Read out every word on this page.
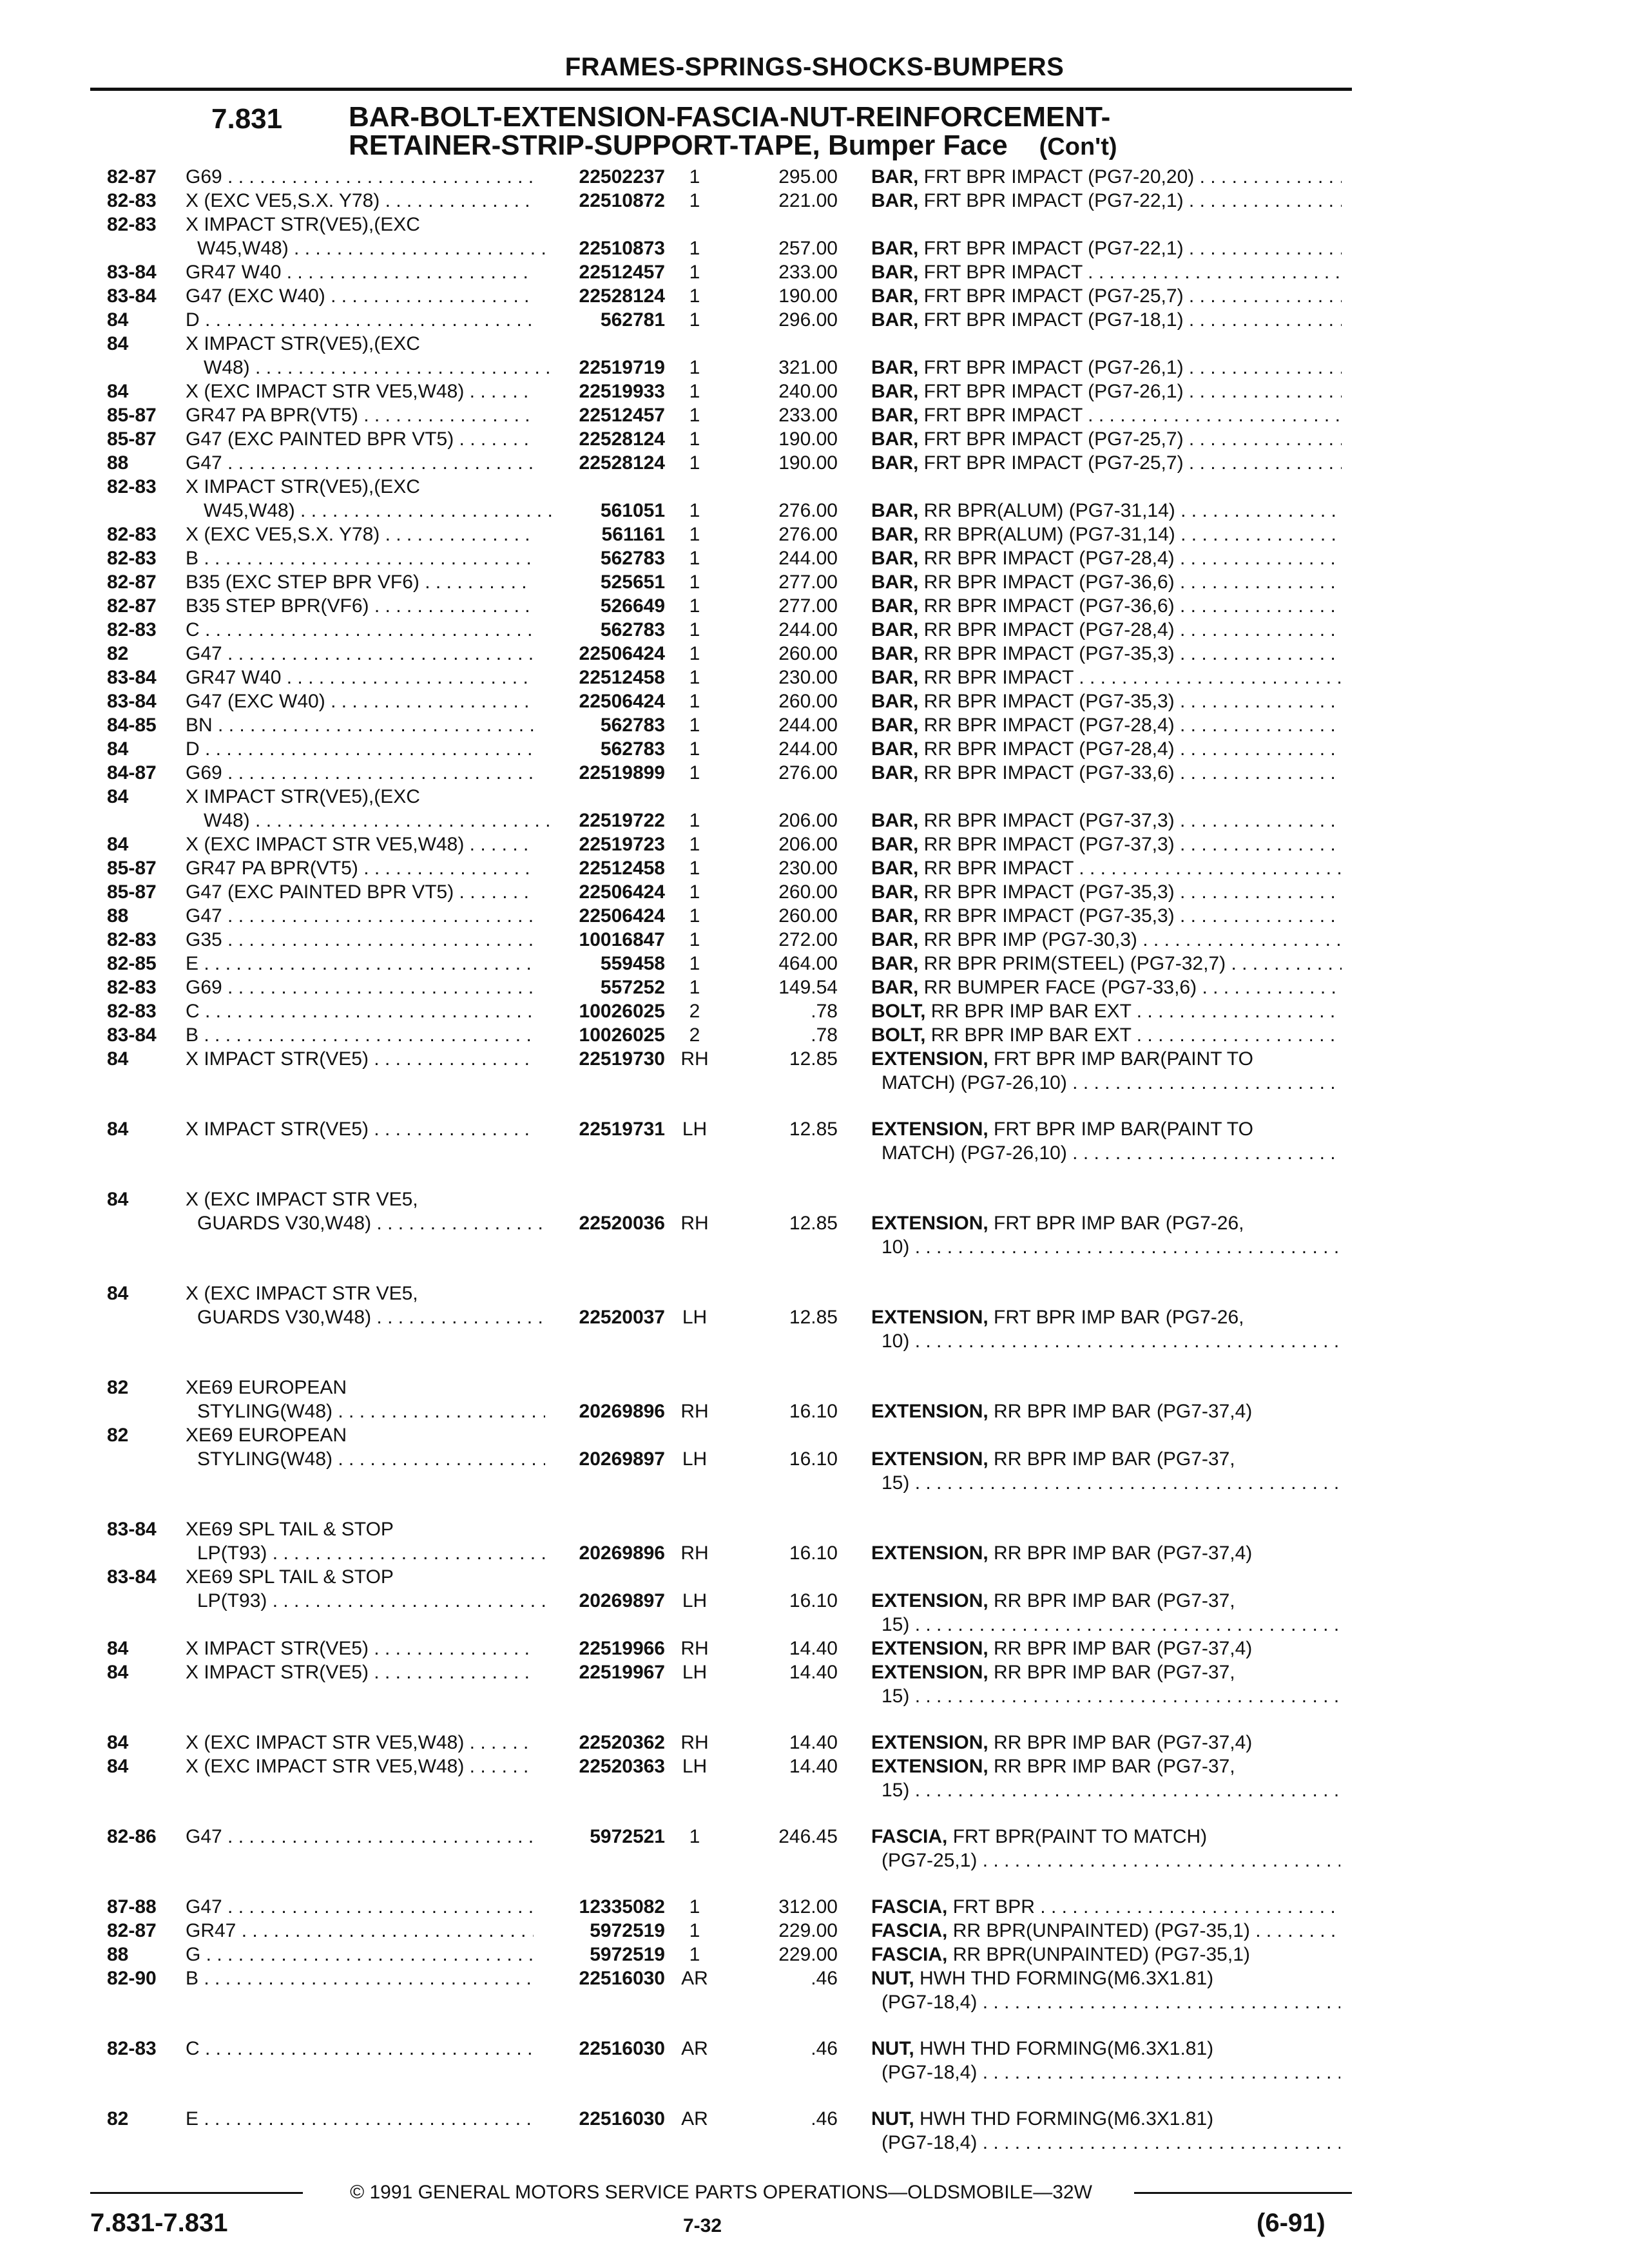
FRAMES-SPRINGS-SHOCKS-BUMPERS
7.831 BAR-BOLT-EXTENSION-FASCIA-NUT-REINFORCEMENT-
RETAINER-STRIP-SUPPORT-TAPE, Bumper Face (Con't)
82-87 G69 . . .	22502237	1	295.00 BAR, FRT BPR IMPACT (PG7-20,20) . . .
82-83 X (EXC VE5,S.X. Y78) . . .	22510872	1	221.00 BAR, FRT BPR IMPACT (PG7-22,1) . . .
82-83 X IMPACT STR(VE5),(EXC
W45,W48) . . .	22510873	1	257.00 BAR, FRT BPR IMPACT (PG7-22,1) . . .
83-84 GR47 W40 . . .	22512457	1	233.00 BAR, FRT BPR IMPACT . . .
83-84 G47 (EXC W40) . . .	22528124	1	190.00 BAR, FRT BPR IMPACT (PG7-25,7) . . .
84	D . . .	562781	1	296.00 BAR, FRT BPR IMPACT (PG7-18,1) . . .
84	X IMPACT STR(VE5),(EXC
W48) . . .	22519719	1	321.00 BAR, FRT BPR IMPACT (PG7-26,1) . . .
84	X (EXC IMPACT STR VE5,W48) . . .	22519933	1	240.00 BAR, FRT BPR IMPACT (PG7-26,1) . . .
85-87 GR47 PA BPR(VT5) . . .	22512457	1	233.00 BAR, FRT BPR IMPACT . . .
85-87 G47 (EXC PAINTED BPR VT5) . . .	22528124	1	190.00 BAR, FRT BPR IMPACT (PG7-25,7) . . .
88	G47 . . .	22528124	1	190.00 BAR, FRT BPR IMPACT (PG7-25,7) . . .
82-83 X IMPACT STR(VE5),(EXC
W45,W48) . . .	561051	1	276.00 BAR, RR BPR(ALUM) (PG7-31,14) . . .
82-83 X (EXC VE5,S.X. Y78) . . .	561161	1	276.00 BAR, RR BPR(ALUM) (PG7-31,14) . . .
82-83 B . . .	562783	1	244.00 BAR, RR BPR IMPACT (PG7-28,4) . . .
82-87 B35 (EXC STEP BPR VF6) . . .	525651	1	277.00 BAR, RR BPR IMPACT (PG7-36,6) . . .
82-87 B35 STEP BPR(VF6) . . .	526649	1	277.00 BAR, RR BPR IMPACT (PG7-36,6) . . .
82-83 C . . .	562783	1	244.00 BAR, RR BPR IMPACT (PG7-28,4) . . .
82	G47 . . .	22506424	1	260.00 BAR, RR BPR IMPACT (PG7-35,3) . . .
83-84 GR47 W40 . . .	22512458	1	230.00 BAR, RR BPR IMPACT . . .
83-84 G47 (EXC W40) . . .	22506424	1	260.00 BAR, RR BPR IMPACT (PG7-35,3) . . .
84-85 BN . . .	562783	1	244.00 BAR, RR BPR IMPACT (PG7-28,4) . . .
84	D . . .	562783	1	244.00 BAR, RR BPR IMPACT (PG7-28,4) . . .
84-87 G69 . . .	22519899	1	276.00 BAR, RR BPR IMPACT (PG7-33,6) . . .
84	X IMPACT STR(VE5),(EXC
W48) . . .	22519722	1	206.00 BAR, RR BPR IMPACT (PG7-37,3) . . .
84	X (EXC IMPACT STR VE5,W48) . . .	22519723	1	206.00 BAR, RR BPR IMPACT (PG7-37,3) . . .
85-87 GR47 PA BPR(VT5) . . .	22512458	1	230.00 BAR, RR BPR IMPACT . . .
85-87 G47 (EXC PAINTED BPR VT5) . . .	22506424	1	260.00 BAR, RR BPR IMPACT (PG7-35,3) . . .
88	G47 . . .	22506424	1	260.00 BAR, RR BPR IMPACT (PG7-35,3) . . .
82-83 G35 . . .	10016847	1	272.00 BAR, RR BPR IMP (PG7-30,3) . . .
82-85 E . . .	559458	1	464.00 BAR, RR BPR PRIM(STEEL) (PG7-32,7) . . .
82-83 G69 . . .	557252	1	149.54 BAR, RR BUMPER FACE (PG7-33,6) . . .
82-83 C . . .	10026025	2	.78 BOLT, RR BPR IMP BAR EXT . . .
83-84 B . . .	10026025	2	.78 BOLT, RR BPR IMP BAR EXT . . .
84	X IMPACT STR(VE5) . . .	22519730 RH	12.85 EXTENSION, FRT BPR IMP BAR(PAINT TO
MATCH) (PG7-26,10) . . .
84	X IMPACT STR(VE5) . . .	22519731 LH	12.85 EXTENSION, FRT BPR IMP BAR(PAINT TO
MATCH) (PG7-26,10) . . .
84	X (EXC IMPACT STR VE5,
GUARDS V30,W48) . . .	22520036 RH	12.85 EXTENSION, FRT BPR IMP BAR (PG7-26,
10) . . .
84	X (EXC IMPACT STR VE5,
GUARDS V30,W48) . . .	22520037 LH	12.85 EXTENSION, FRT BPR IMP BAR (PG7-26,
10) . . .
82	XE69 EUROPEAN
STYLING(W48) . . .	20269896 RH	16.10 EXTENSION, RR BPR IMP BAR (PG7-37,4)
82	XE69 EUROPEAN
STYLING(W48) . . .	20269897 LH	16.10 EXTENSION, RR BPR IMP BAR (PG7-37,
15) . . .
83-84 XE69 SPL TAIL & STOP
LP(T93) . . .	20269896 RH	16.10 EXTENSION, RR BPR IMP BAR (PG7-37,4)
83-84 XE69 SPL TAIL & STOP
LP(T93) . . .	20269897 LH	16.10 EXTENSION, RR BPR IMP BAR (PG7-37,
15) . . .
84	X IMPACT STR(VE5) . . .	22519966 RH	14.40 EXTENSION, RR BPR IMP BAR (PG7-37,4)
84	X IMPACT STR(VE5) . . .	22519967 LH	14.40 EXTENSION, RR BPR IMP BAR (PG7-37,
15) . . .
84	X (EXC IMPACT STR VE5,W48) . . .	22520362 RH	14.40 EXTENSION, RR BPR IMP BAR (PG7-37,4)
84	X (EXC IMPACT STR VE5,W48) . . .	22520363 LH	14.40 EXTENSION, RR BPR IMP BAR (PG7-37,
15) . . .
82-86 G47 . . .	5972521	1	246.45 FASCIA, FRT BPR(PAINT TO MATCH)
(PG7-25,1) . . .
87-88 G47 . . .	12335082	1	312.00 FASCIA, FRT BPR . . .
82-87 GR47 . . .	5972519	1	229.00 FASCIA, RR BPR(UNPAINTED) (PG7-35,1) . . .
88	G . . .	5972519	1	229.00 FASCIA, RR BPR(UNPAINTED) (PG7-35,1)
82-90 B . . .	22516030 AR	.46 NUT, HWH THD FORMING(M6.3X1.81)
(PG7-18,4) . . .
82-83 C . . .	22516030 AR	.46 NUT, HWH THD FORMING(M6.3X1.81)
(PG7-18,4) . . .
82	E . . .	22516030 AR	.46 NUT, HWH THD FORMING(M6.3X1.81)
(PG7-18,4) . . .
© 1991 GENERAL MOTORS SERVICE PARTS OPERATIONS—OLDSMOBILE—32W
7.831-7.831	7-32	(6-91)
